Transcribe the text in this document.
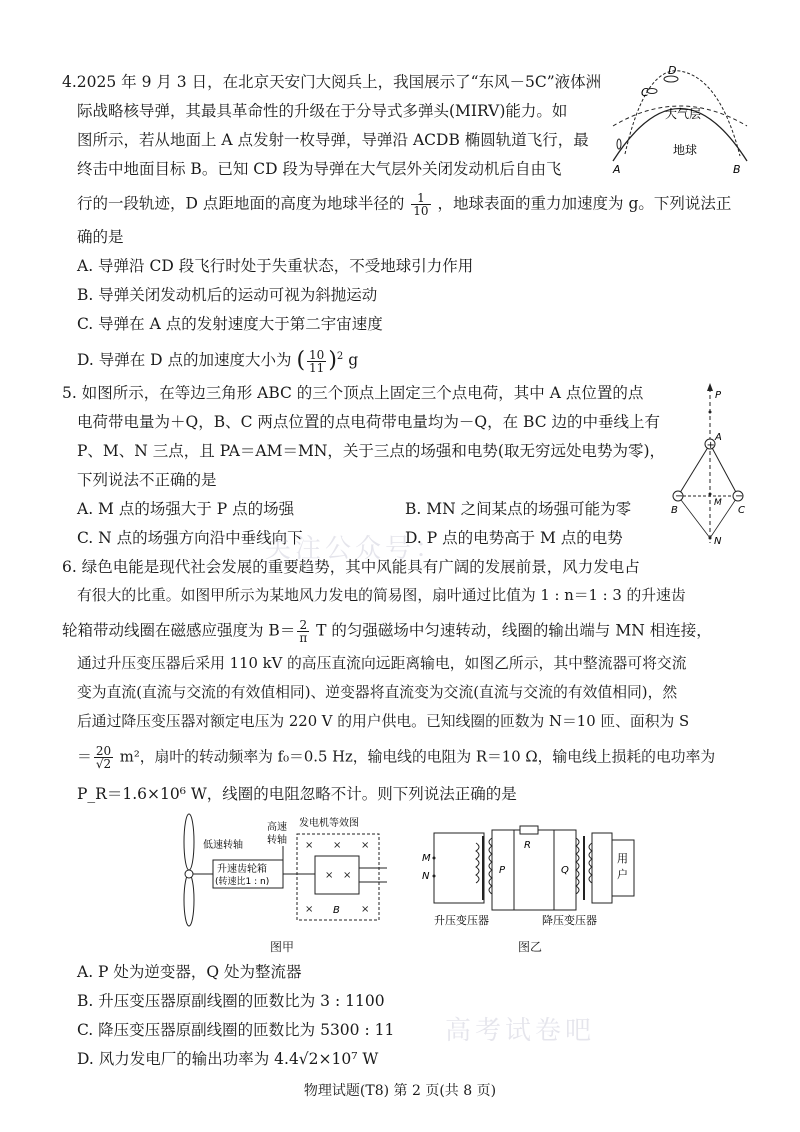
4.2025 年 9 月 3 日，在北京天安门大阅兵上，我国展示了“东风－5C”液体洲
际战略核导弹，其最具革命性的升级在于分导式多弹头(MIRV)能力。如
图所示，若从地面上 A 点发射一枚导弹，导弹沿 ACDB 椭圆轨道飞行，最
终击中地面目标 B。已知 CD 段为导弹在大气层外关闭发动机后自由飞
行的一段轨迹，D 点距地面的高度为地球半径的 $\frac{1}{10}$ ，地球表面的重力加速度为 g。下列说法正
确的是
A. 导弹沿 CD 段飞行时处于失重状态，不受地球引力作用
B. 导弹关闭发动机后的运动可视为斜抛运动
C. 导弹在 A 点的发射速度大于第二宇宙速度
D. 导弹在 D 点的加速度大小为 ( $\frac{10}{11} )^2$ g
C
D
A	B
大气层
地球
5. 如图所示，在等边三角形 ABC 的三个顶点上固定三个点电荷，其中 A 点位置的点
电荷带电量为＋Q，B、C 两点位置的点电荷带电量均为－Q，在 BC 边的中垂线上有
P、M、N 三点，且 PA＝AM＝MN，关于三点的场强和电势(取无穷远处电势为零)，
下列说法不正确的是
A. M 点的场强大于 P 点的场强	B. MN 之间某点的场强可能为零
C. N 点的场强方向沿中垂线向下	D. P 点的电势高于 M 点的电势
+
−	−
P
A
B	C
M
N
关注公众号：
高考试卷吧
6. 绿色电能是现代社会发展的重要趋势，其中风能具有广阔的发展前景，风力发电占
有很大的比重。如图甲所示为某地风力发电的简易图，扇叶通过比值为 1 : n＝1 : 3 的升速齿
轮箱带动线圈在磁感应强度为 $B= \frac{2}{\pi}$ T 的匀强磁场中匀速转动，线圈的输出端与 MN 相连接，
通过升压变压器后采用 110 kV 的高压直流向远距离输电，如图乙所示，其中整流器可将交流
变为直流(直流与交流的有效值相同)、逆变器将直流变为交流(直流与交流的有效值相同)，然
后通过降压变压器对额定电压为 220 V 的用户供电。已知线圈的匝数为 N＝10 匝、面积为 S
＝ $\frac{20}{√2} m^2$，扇叶的转动频率为 f₀＝0.5 Hz，输电线的电阻为 R＝10 Ω，输电线上损耗的电功率为
P_R＝1.6×10⁶ W，线圈的电阻忽略不计。则下列说法正确的是
升速齿轮箱
(转速比1 : n)
低速转轴
高速
转轴
发电机等效图
× × ×
× ×
×	×
B
图甲
用
户
M
N
R
P	Q
升压变压器	降压变压器
图乙
A. P 处为逆变器，Q 处为整流器
B. 升压变压器原副线圈的匝数比为 3 : 1100
C. 降压变压器原副线圈的匝数比为 5300 : 11
D. 风力发电厂的输出功率为 4.4√2×10⁷ W
物理试题(T8) 第 2 页(共 8 页)
